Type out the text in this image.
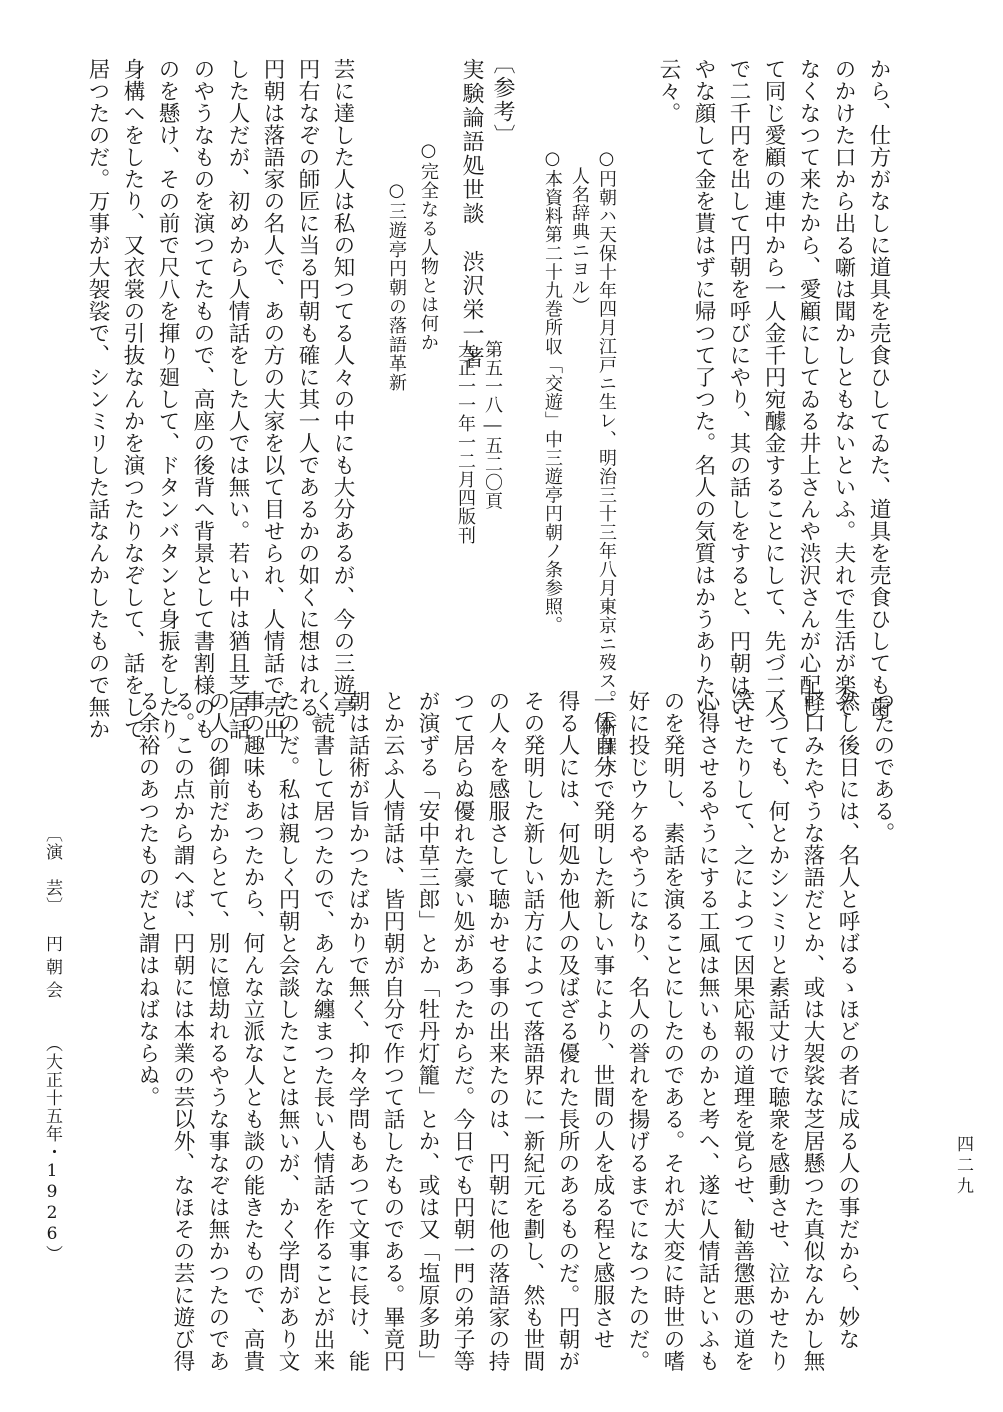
から、仕方がなしに道具を売食ひしてゐた、道具を売食ひしても歯
のかけた口から出る噺は聞かしともないといふ。夫れで生活が楽で
なくなつて来たから、愛顧にしてゐる井上さんや渋沢さんが心配し
て同じ愛顧の連中から一人金千円宛醵金することにして、先づ二人
で二千円を出して円朝を呼びにやり、其の話しをすると、円朝はい
やな顔して金を貰はずに帰つて了つた。名人の気質はかうありたい
云々。
○円朝ハ天保十年四月江戸ニ生レ、明治三十三年八月東京ニ歿ス。（新撰大
　人名辞典ニヨル）
○本資料第二十九巻所収「交遊」中三遊亭円朝ノ条参照。
第五一八―五二〇頁
大正一一年一二月四版刊
〔参考〕
実験論語処世談　渋沢栄一著
○完全なる人物とは何か
○三遊亭円朝の落語革新
芸に達した人は私の知つてる人々の中にも大分あるが、今の三遊亭
円右なぞの師匠に当る円朝も確に其一人であるかの如くに想はれる。
円朝は落語家の名人で、あの方の大家を以て目せられ、人情話で売出
した人だが、初めから人情話をした人では無い。若い中は猶且芝居話
のやうなものを演つてたもので、高座の後背へ背景として書割様のも
のを懸け、その前で尺八を揮り廻して、ドタンバタンと身振をしたり
身構へをしたり、又衣裳の引抜なんかを演つたりなぞして、話をして
居つたのだ。万事が大袈裟で、シンミリした話なんかしたもので無か
つたのである。
然し後日には、名人と呼ばるゝほどの者に成る人の事だから、妙な
軽口みたやうな落語だとか、或は大袈裟な芝居懸つた真似なんかし無
くつても、何とかシンミリと素話丈けで聴衆を感動させ、泣かせたり
笑せたりして、之によつて因果応報の道理を覚らせ、勧善懲悪の道を
心得させるやうにする工風は無いものかと考へ、遂に人情話といふも
のを発明し、素話を演ることにしたのである。それが大変に時世の嗜
好に投じウケるやうになり、名人の誉れを揚げるまでになつたのだ。
一体自分で発明した新しい事により、世間の人を成る程と感服させ
得る人には、何処か他人の及ばざる優れた長所のあるものだ。円朝が
その発明した新しい話方によつて落語界に一新紀元を劃し、然も世間
の人々を感服さして聴かせる事の出来たのは、円朝に他の落語家の持
つて居らぬ優れた豪い処があつたからだ。今日でも円朝一門の弟子等
が演ずる「安中草三郎」とか「牡丹灯籠」とか、或は又「塩原多助」
とか云ふ人情話は、皆円朝が自分で作つて話したものである。畢竟円
朝は話術が旨かつたばかりで無く、抑々学問もあつて文事に長け、能
く読書して居つたので、あんな纏まつた長い人情話を作ることが出来
たのだ。私は親しく円朝と会談したことは無いが、かく学問があり文
事の趣味もあつたから、何んな立派な人とも談の能きたもので、高貴
の人の御前だからとて、別に憶劫れるやうな事なぞは無かつたのであ
る。この点から謂へば、円朝には本業の芸以外、なほその芸に遊び得
る余裕のあつたものだと謂はねばならぬ。
〔演　芸〕
円朝会
（大正十五年・1926）	四二九
